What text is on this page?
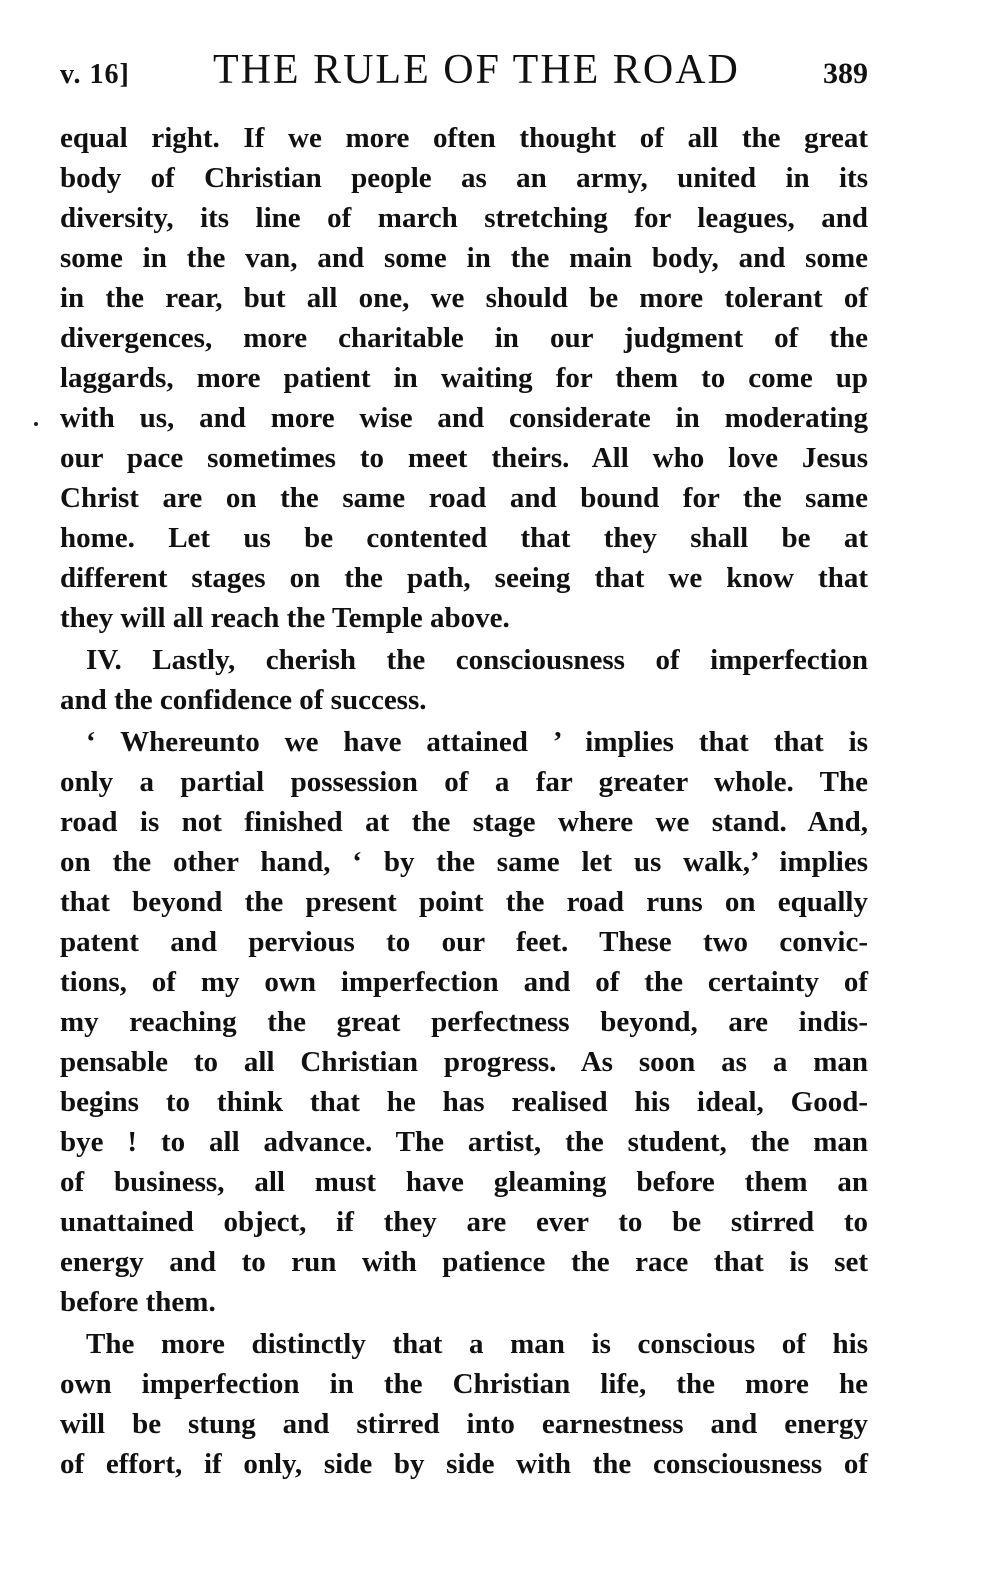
v. 16] THE RULE OF THE ROAD	389
equal right. If we more often thought of all the great
body of Christian people as an army, united in its
diversity, its line of march stretching for leagues, and
some in the van, and some in the main body, and some
in the rear, but all one, we should be more tolerant of
divergences, more charitable in our judgment of the
laggards, more patient in waiting for them to come up
with us, and more wise and considerate in moderating
our pace sometimes to meet theirs. All who love Jesus
Christ are on the same road and bound for the same
home. Let us be contented that they shall be at
different stages on the path, seeing that we know that
they will all reach the Temple above.
IV. Lastly, cherish the consciousness of imperfection
and the confidence of success.
‘ Whereunto we have attained ’ implies that that is
only a partial possession of a far greater whole. The
road is not finished at the stage where we stand. And,
on the other hand, ‘ by the same let us walk,’ implies
that beyond the present point the road runs on equally
patent and pervious to our feet. These two convic-
tions, of my own imperfection and of the certainty of
my reaching the great perfectness beyond, are indis-
pensable to all Christian progress. As soon as a man
begins to think that he has realised his ideal, Good-
bye ! to all advance. The artist, the student, the man
of business, all must have gleaming before them an
unattained object, if they are ever to be stirred to
energy and to run with patience the race that is set
before them.
The more distinctly that a man is conscious of his
own imperfection in the Christian life, the more he
will be stung and stirred into earnestness and energy
of effort, if only, side by side with the consciousness of
